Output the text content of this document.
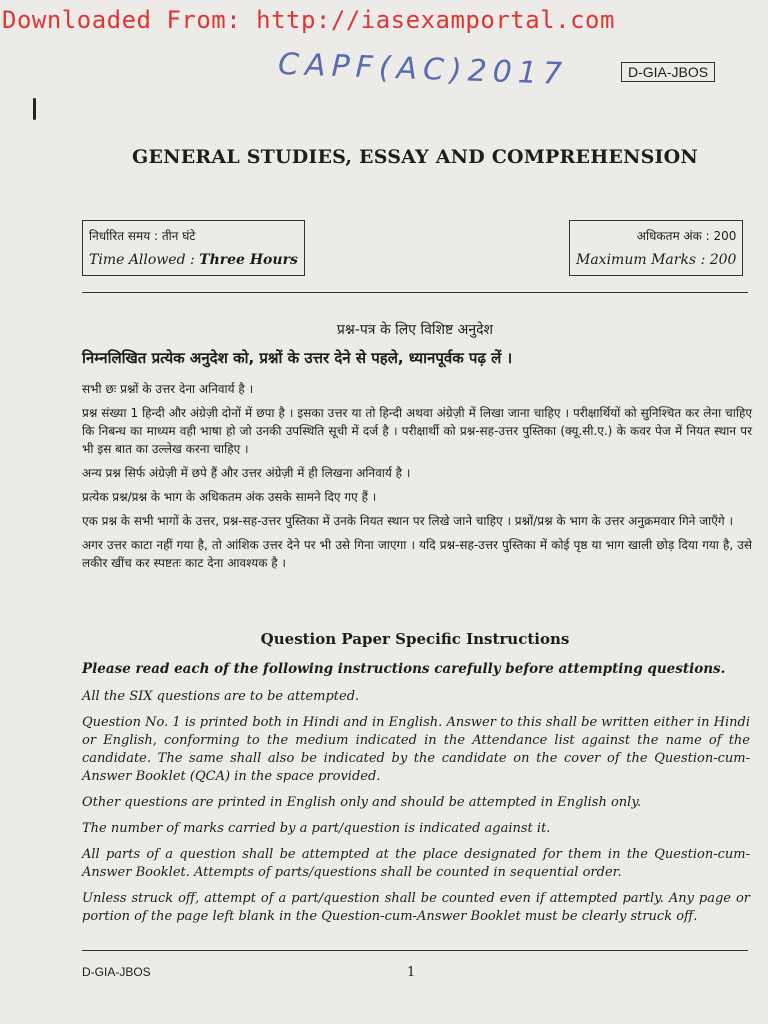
Downloaded From: http://iasexamportal.com
CAPF(AC)2017	D-GIA-JBOS
GENERAL STUDIES, ESSAY AND COMPREHENSION
निर्धारित समय : तीन घंटे
Time Allowed : Three Hours
अधिकतम अंक : 200
Maximum Marks : 200
प्रश्न-पत्र के लिए विशिष्ट अनुदेश
निम्नलिखित प्रत्येक अनुदेश को, प्रश्नों के उत्तर देने से पहले, ध्यानपूर्वक पढ़ लें ।

सभी छः प्रश्नों के उत्तर देना अनिवार्य है ।

प्रश्न संख्या 1 हिन्दी और अंग्रेज़ी दोनों में छपा है । इसका उत्तर या तो हिन्दी अथवा अंग्रेज़ी में लिखा जाना चाहिए । परीक्षार्थियों को सुनिश्चित कर लेना चाहिए कि निबन्ध का माध्यम वही भाषा हो जो उनकी उपस्थिति सूची में दर्ज है । परीक्षार्थी को प्रश्न-सह-उत्तर पुस्तिका (क्यू.सी.ए.) के कवर पेज में नियत स्थान पर भी इस बात का उल्लेख करना चाहिए ।

अन्य प्रश्न सिर्फ अंग्रेज़ी में छपे हैं और उत्तर अंग्रेज़ी में ही लिखना अनिवार्य है ।

प्रत्येक प्रश्न/प्रश्न के भाग के अधिकतम अंक उसके सामने दिए गए हैं ।

एक प्रश्न के सभी भागों के उत्तर, प्रश्न-सह-उत्तर पुस्तिका में उनके नियत स्थान पर लिखे जाने चाहिए । प्रश्नों/प्रश्न के भाग के उत्तर अनुक्रमवार गिने जाएँगे ।

अगर उत्तर काटा नहीं गया है, तो आंशिक उत्तर देने पर भी उसे गिना जाएगा । यदि प्रश्न-सह-उत्तर पुस्तिका में कोई पृष्ठ या भाग खाली छोड़ दिया गया है, उसे लकीर खींच कर स्पष्टतः काट देना आवश्यक है ।

Question Paper Specific Instructions
Please read each of the following instructions carefully before attempting questions.

All the SIX questions are to be attempted.

Question No. 1 is printed both in Hindi and in English. Answer to this shall be written either in Hindi or English, conforming to the medium indicated in the Attendance list against the name of the candidate. The same shall also be indicated by the candidate on the cover of the Question-cum-Answer Booklet (QCA) in the space provided.

Other questions are printed in English only and should be attempted in English only.

The number of marks carried by a part/question is indicated against it.

All parts of a question shall be attempted at the place designated for them in the Question-cum-Answer Booklet. Attempts of parts/questions shall be counted in sequential order.

Unless struck off, attempt of a part/question shall be counted even if attempted partly. Any page or portion of the page left blank in the Question-cum-Answer Booklet must be clearly struck off.

D-GIA-JBOS	1
